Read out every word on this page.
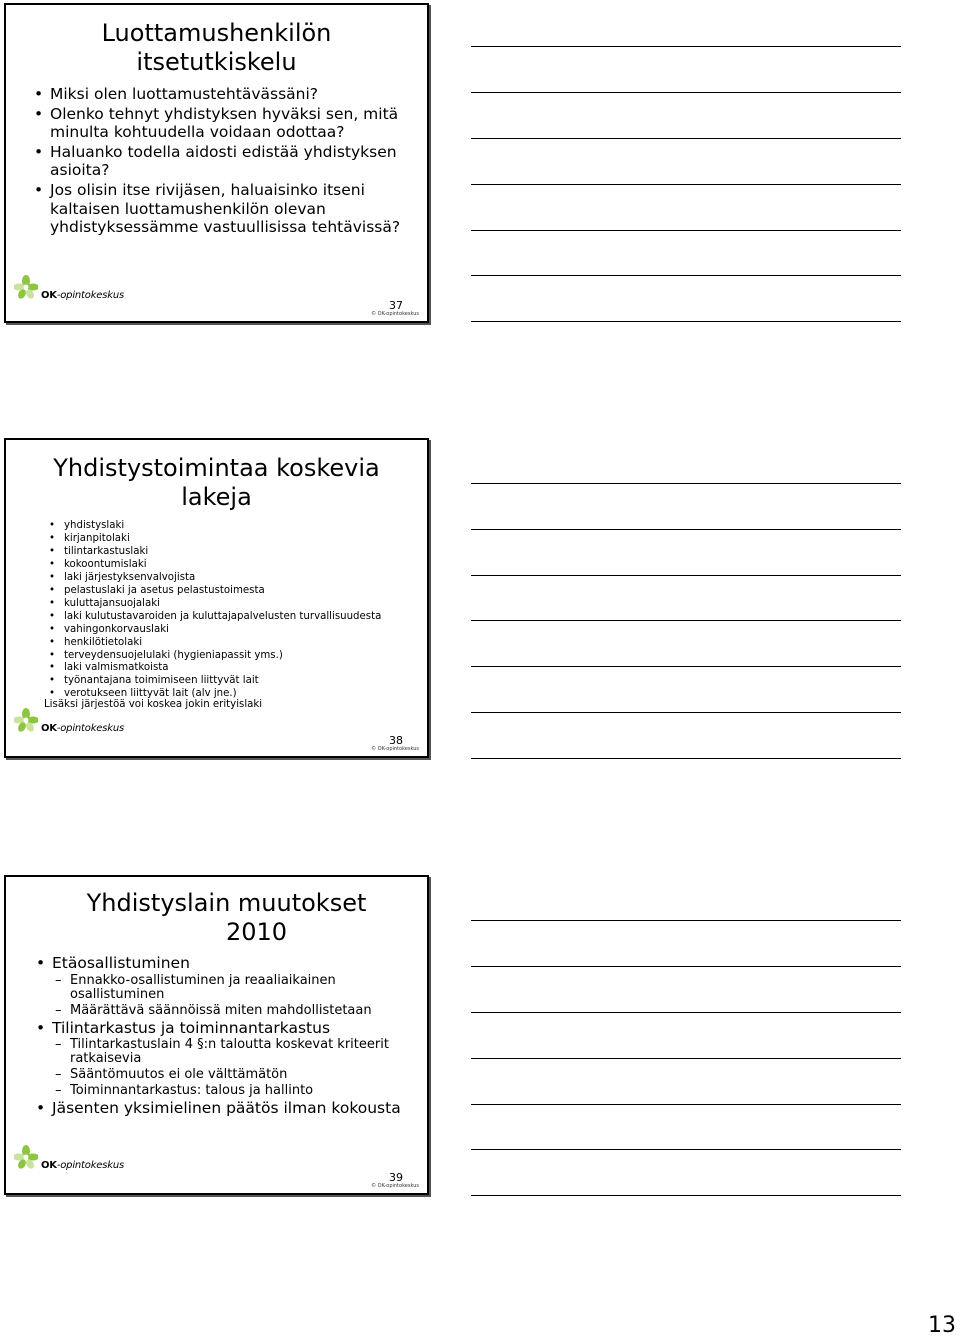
Luottamushenkilön
itsetutkiskelu
• Miksi olen luottamustehtävässäni?
• Olenko tehnyt yhdistyksen hyväksi sen, mitä minulta kohtuudella voidaan odottaa?
• Haluanko todella aidosti edistää yhdistyksen asioita?
• Jos olisin itse rivijäsen, haluaisinko itseni kaltaisen luottamushenkilön olevan yhdistyksessämme vastuullisissa tehtävissä?
OK-opintokeskus
37
© OK-opintokeskus
Yhdistystoimintaa koskevia
lakeja
• yhdistyslaki
• kirjanpitolaki
• tilintarkastuslaki
• kokoontumislaki
• laki järjestyksenvalvojista
• pelastuslaki ja asetus pelastustoimesta
• kuluttajansuojalaki
• laki kulutustavaroiden ja kuluttajapalvelusten turvallisuudesta
• vahingonkorvauslaki
• henkilötietolaki
• terveydensuojelulaki (hygieniapassit yms.)
• laki valmismatkoista
• työnantajana toimimiseen liittyvät lait
• verotukseen liittyvät lait (alv jne.)
Lisäksi järjestöä voi koskea jokin erityislaki
OK-opintokeskus
38
© OK-opintokeskus
Yhdistyslain muutokset
2010
• Etäosallistuminen
– Ennakko-osallistuminen ja reaaliaikainen osallistuminen
– Määrättävä säännöissä miten mahdollistetaan
• Tilintarkastus ja toiminnantarkastus
– Tilintarkastuslain 4 §:n taloutta koskevat kriteerit ratkaisevia
– Sääntömuutos ei ole välttämätön
– Toiminnantarkastus: talous ja hallinto
• Jäsenten yksimielinen päätös ilman kokousta
OK-opintokeskus
39
© OK-opintokeskus
13
